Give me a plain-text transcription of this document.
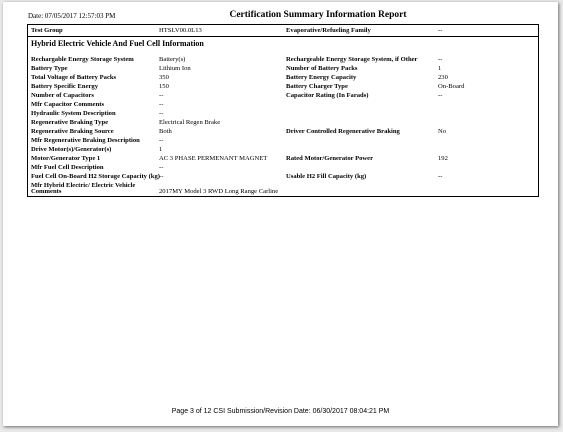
Date: 07/05/2017 12:57:03 PM	Certification Summary Information Report
Test Group	HTSLV00.0L13	Evaporative/Refueling Family	--
Hybrid Electric Vehicle And Fuel Cell Information
Rechargable Energy Storage System	Battery(s)	Rechargeable Energy Storage System, if Other	--
Battery Type	Lithium Ion	Number of Battery Packs	1
Total Voltage of Battery Packs	350	Battery Energy Capacity	230
Battery Specific Energy	150	Battery Charger Type	On-Board
Number of Capacitors	--	Capacitor Rating (In Farads)	--
Mfr Capacitor Comments	--
Hydraulic System Description	--
Regenerative Braking Type	Electrical Regen Brake
Regenerative Braking Source	Both	Driver Controlled Regenerative Braking	No
Mfr Regenerative Braking Description	--
Drive Motor(s)/Generator(s)	1
Motor/Generator Type 1	AC 3 PHASE PERMENANT MAGNET	Rated Motor/Generator Power	192
Mfr Fuel Cell Description	--
Fuel Cell On-Board H2 Storage Capacity (kg) --	Usable H2 Fill Capacity (kg)	--
Mfr Hybrid Electric/ Electric Vehicle
Comments	2017MY Model 3 RWD Long Range Carline
Page 3 of 12 CSI Submission/Revision Date: 06/30/2017 08:04:21 PM
